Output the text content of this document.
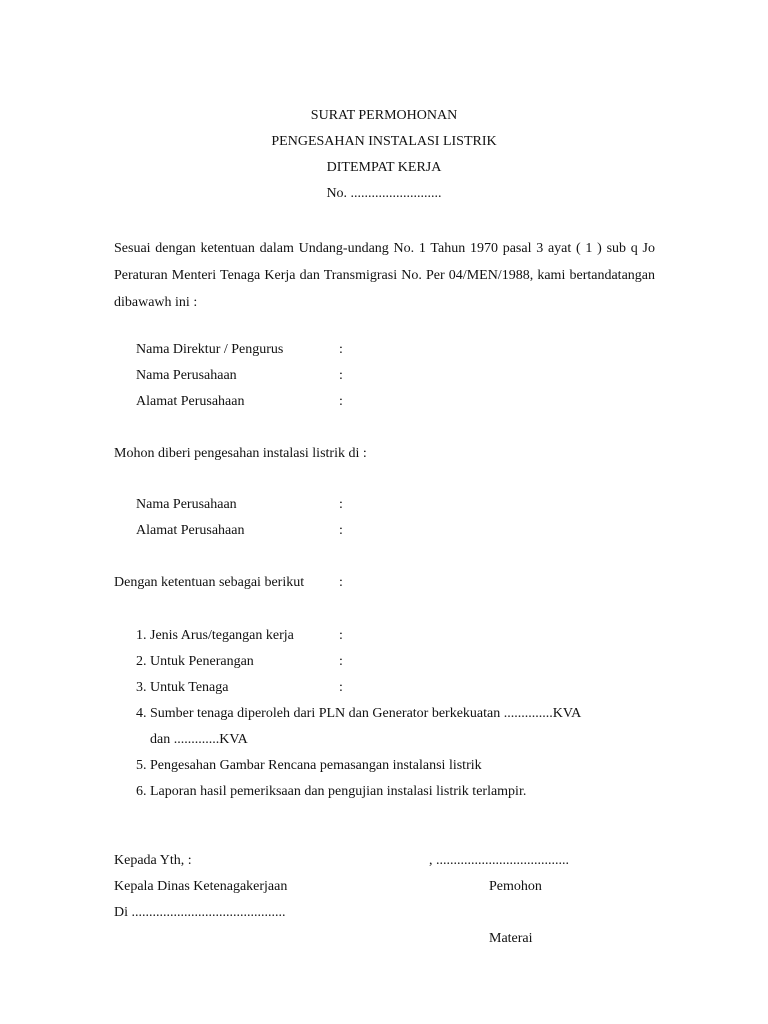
SURAT PERMOHONAN
PENGESAHAN INSTALASI LISTRIK
DITEMPAT KERJA
No. ..........................
Sesuai dengan ketentuan dalam Undang-undang No. 1 Tahun 1970 pasal 3 ayat ( 1 ) sub q Jo Peraturan Menteri Tenaga Kerja dan Transmigrasi No. Per 04/MEN/1988, kami bertandatangan dibawawh ini :
Nama Direktur / Pengurus	:
Nama Perusahaan	:
Alamat Perusahaan	:
Mohon diberi pengesahan instalasi listrik di :
Nama Perusahaan	:
Alamat Perusahaan	:
Dengan ketentuan sebagai berikut :
1. Jenis Arus/tegangan kerja	:
2. Untuk Penerangan	:
3. Untuk Tenaga	:
4. Sumber tenaga diperoleh dari PLN dan Generator berkekuatan ..............KVA
dan .............KVA
5. Pengesahan Gambar Rencana pemasangan instalansi listrik
6. Laporan hasil pemeriksaan dan pengujian instalasi listrik terlampir.
Kepada Yth, :	, ......................................
Kepala Dinas Ketenagakerjaan	Pemohon
Di ............................................
Materai
